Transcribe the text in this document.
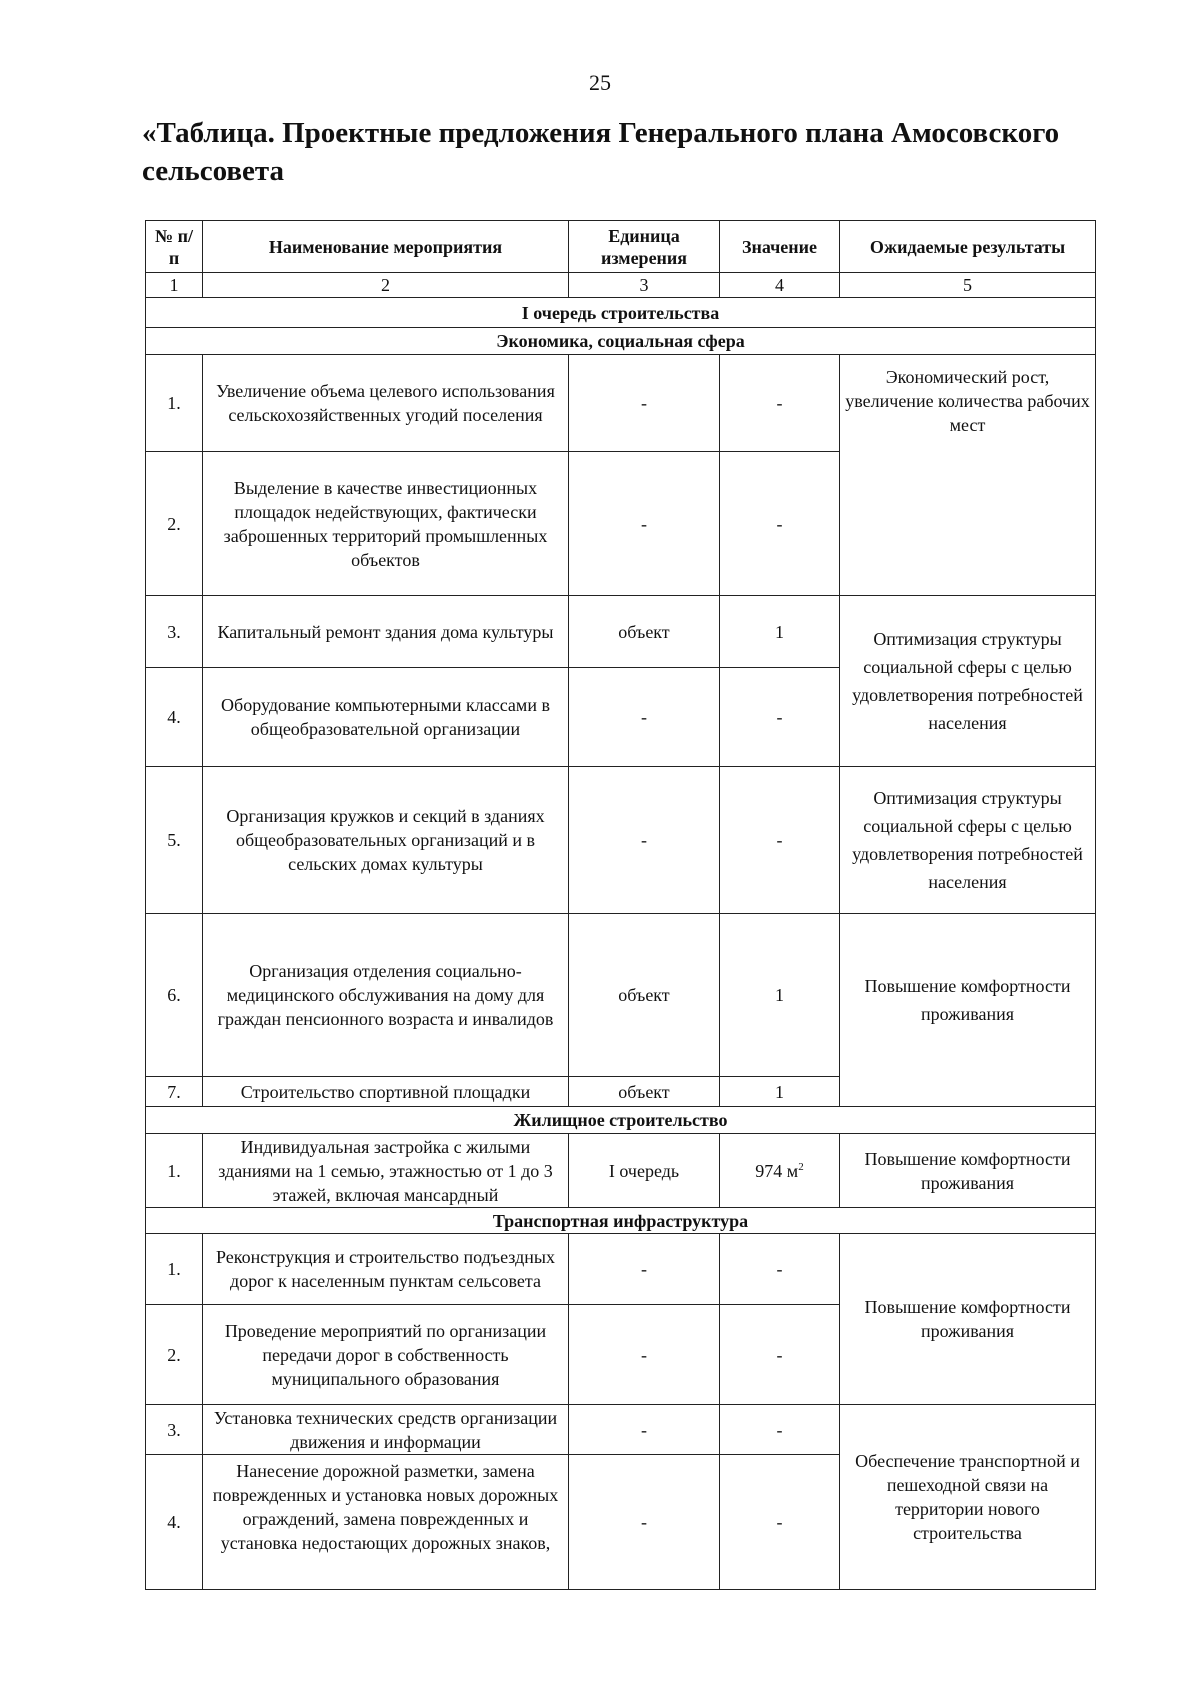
25
«Таблица. Проектные предложения Генерального плана Амосовского сельсовета
№ п/п	Наименование мероприятия	Единица измерения	Значение	Ожидаемые результаты
1	2	3	4	5
I очередь строительства				
Экономика, социальная сфера				
1.	Увеличение объема целевого использования сельскохозяйственных угодий поселения	-	-	Экономический рост, увеличение количества рабочих мест
2.	Выделение в качестве инвестиционных площадок недействующих, фактически заброшенных территорий промышленных объектов	-	-	
3.	Капитальный ремонт здания дома культуры	объект	1	Оптимизация структуры социальной сферы с целью удовлетворения потребностей населения
4.	Оборудование компьютерными классами в общеобразовательной организации	-	-	
5.	Организация кружков и секций в зданиях общеобразовательных организаций и в сельских домах культуры	-	-	Оптимизация структуры социальной сферы с целью удовлетворения потребностей населения
6.	Организация отделения социально-медицинского обслуживания на дому для граждан пенсионного возраста и инвалидов	объект	1	Повышение комфортности проживания
7.	Строительство спортивной площадки	объект	1	
Жилищное строительство				
1.	Индивидуальная застройка с жилыми зданиями на 1 семью, этажностью от 1 до 3 этажей, включая мансардный	I очередь	974 $м^2$	Повышение комфортности проживания
Транспортная инфраструктура				
1.	Реконструкция и строительство подъездных дорог к населенным пунктам сельсовета	-	-	Повышение комфортности проживания
2.	Проведение мероприятий по организации передачи дорог в собственность муниципального образования	-	-	
3.	Установка технических средств организации движения и информации	-	-	Обеспечение транспортной и пешеходной связи на территории нового строительства
4.	Нанесение дорожной разметки, замена поврежденных и установка новых дорожных ограждений, замена поврежденных и установка недостающих дорожных знаков,	-	-	
